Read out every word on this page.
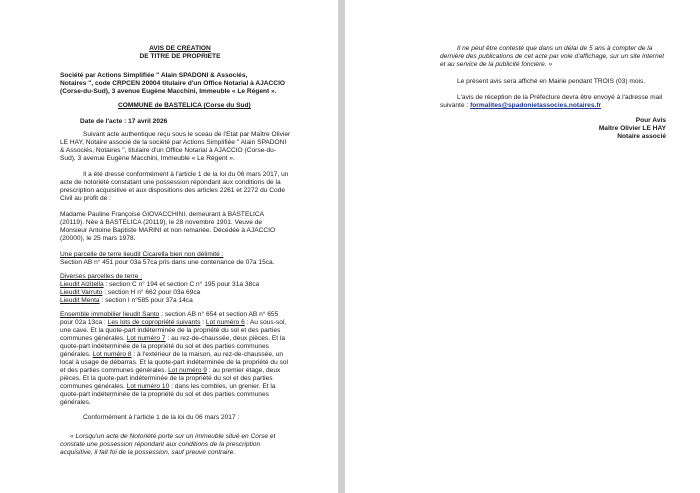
AVIS DE CREATION
DE TITRE DE PROPRIETE
Société par Actions Simplifiée " Alain SPADONI & Associés,
Notaires ", code CRPCEN 20004 titulaire d'un Office Notarial à AJACCIO
(Corse-du-Sud), 3 avenue Eugène Macchini, Immeuble « Le Régent ».
COMMUNE de BASTELICA (Corse du Sud)
Date de l'acte : 17 avril 2026
Suivant acte authentique reçu sous le sceau de l'Etat par Maître Olivier
LE HAY, Notaire associé de la société par Actions Simplifiée " Alain SPADONI
& Associés, Notaires ", titulaire d'un Office Notarial à AJACCIO (Corse-du-
Sud), 3 avenue Eugène Macchini, Immeuble « Le Régent ».
Il a été dressé conformément à l'article 1 de la loi du 06 mars 2017, un
acte de notoriété constatant une possession répondant aux conditions de la
prescription acquisitive et aux dispositions des articles 2261 et 2272 du Code
Civil au profit de :
Madame Pauline Françoise GIOVACCHINI, demeurant à BASTELICA
(20119). Née à BASTELICA (20119), le 28 novembre 1901. Veuve de
Monsieur Antoine Baptiste MARINI et non remariée. Décédée à AJACCIO
(20000), le 25 mars 1978.
Une parcelle de terre lieudit Cicarella bien non délimité :
Section AB n° 451 pour 03a 57ca pris dans une contenance de 07a 15ca.
Diverses parcelles de terre :
Lieudit Alzitella : section C n° 194 et section C n° 195 pour 31a 38ca
Lieudit Varruto : section H n° 662 pour 03a 69ca
Lieudit Menta : section I n°585 pour 37a 14ca
Ensemble immobilier lieudit Santo : section AB n° 654 et section AB n° 655
pour 02a 13ca : Les lots de copropriété suivants : Lot numéro 6 : Au sous-sol,
une cave. Et la quote-part indéterminée de la propriété du sol et des parties
communes générales. Lot numéro 7 : au rez-de-chaussée, deux pièces. Et la
quote-part indéterminée de la propriété du sol et des parties communes
générales. Lot numéro 8 : à l'extérieur de la maison, au rez-de-chaussée, un
local à usage de débarras. Et la quote-part indéterminée de la propriété du sol
et des parties communes générales. Lot numéro 9 : au premier étage, deux
pièces. Et la quote-part indéterminée de la propriété du sol et des parties
communes générales. Lot numéro 10 : dans les combles, un grenier. Et la
quote-part indéterminée de la propriété du sol et des parties communes
générales.
Conformément à l'article 1 de la loi du 06 mars 2017 :
« Lorsqu'un acte de Notoriété porte sur un immeuble situé en Corse et
constate une possession répondant aux conditions de la prescription
acquisitive, il fait foi de la possession, sauf preuve contraire.
Il ne peut être contesté que dans un délai de 5 ans à compter de la
dernière des publications de cet acte par voie d'affichage, sur un site internet
et au service de la publicité foncière. »
Le présent avis sera affiché en Mairie pendant TROIS (03) mois.
L'avis de réception de la Préfecture devra être envoyé à l'adresse mail
suivante : formalites@spadonietassocies.notaires.fr
Pour Avis
Maître Olivier LE HAY
Notaire associé
